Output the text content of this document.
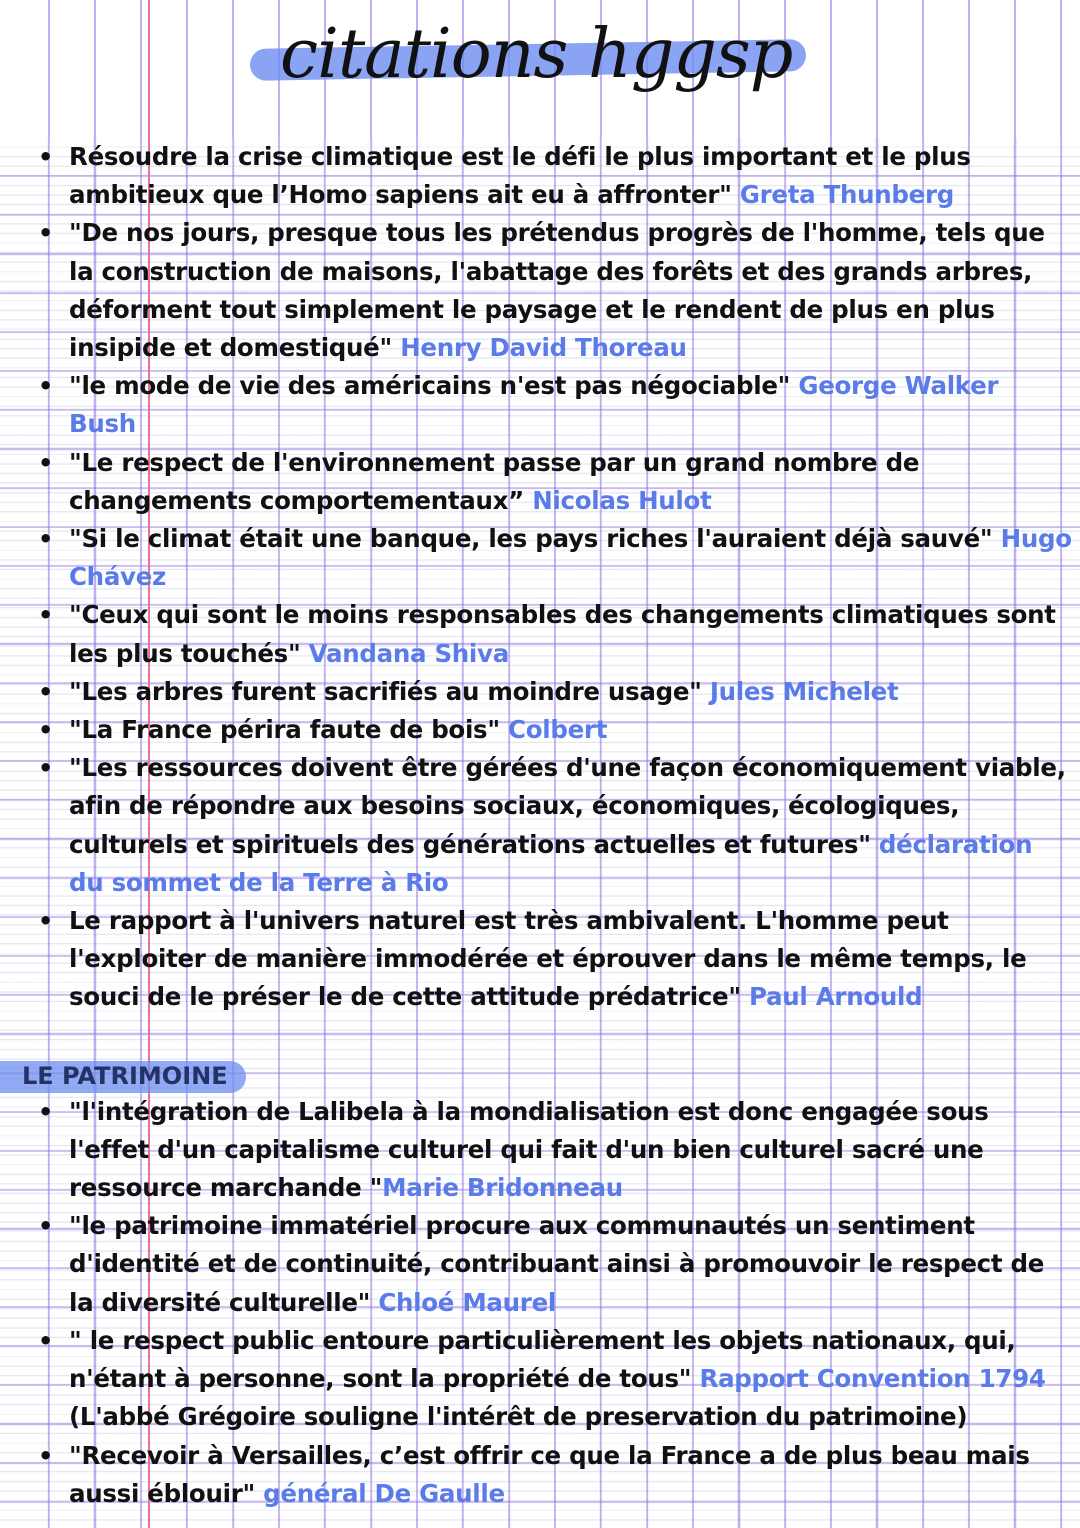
citations hggsp
• Résoudre la crise climatique est le défi le plus important et le plus ambitieux que l’Homo sapiens ait eu à affronter" Greta Thunberg
• "De nos jours, presque tous les prétendus progrès de l'homme, tels que la construction de maisons, l'abattage des forêts et des grands arbres, déforment tout simplement le paysage et le rendent de plus en plus insipide et domestiqué" Henry David Thoreau
• "le mode de vie des américains n'est pas négociable" George Walker Bush
• "Le respect de l'environnement passe par un grand nombre de changements comportementaux” Nicolas Hulot
• "Si le climat était une banque, les pays riches l'auraient déjà sauvé" Hugo Chávez
• "Ceux qui sont le moins responsables des changements climatiques sont les plus touchés" Vandana Shiva
• "Les arbres furent sacrifiés au moindre usage" Jules Michelet
• "La France périra faute de bois" Colbert
• "Les ressources doivent être gérées d'une façon économiquement viable, afin de répondre aux besoins sociaux, économiques, écologiques, culturels et spirituels des générations actuelles et futures" déclaration du sommet de la Terre à Rio
• Le rapport à l'univers naturel est très ambivalent. L'homme peut l'exploiter de manière immodérée et éprouver dans le même temps, le souci de le préser le de cette attitude prédatrice" Paul Arnould
LE PATRIMOINE
• "l'intégration de Lalibela à la mondialisation est donc engagée sous l'effet d'un capitalisme culturel qui fait d'un bien culturel sacré une ressource marchande "Marie Bridonneau
• "le patrimoine immatériel procure aux communautés un sentiment d'identité et de continuité, contribuant ainsi à promouvoir le respect de la diversité culturelle" Chloé Maurel
• " le respect public entoure particulièrement les objets nationaux, qui, n'étant à personne, sont la propriété de tous" Rapport Convention 1794 (L'abbé Grégoire souligne l'intérêt de preservation du patrimoine)
• "Recevoir à Versailles, c’est offrir ce que la France a de plus beau mais aussi éblouir" général De Gaulle
